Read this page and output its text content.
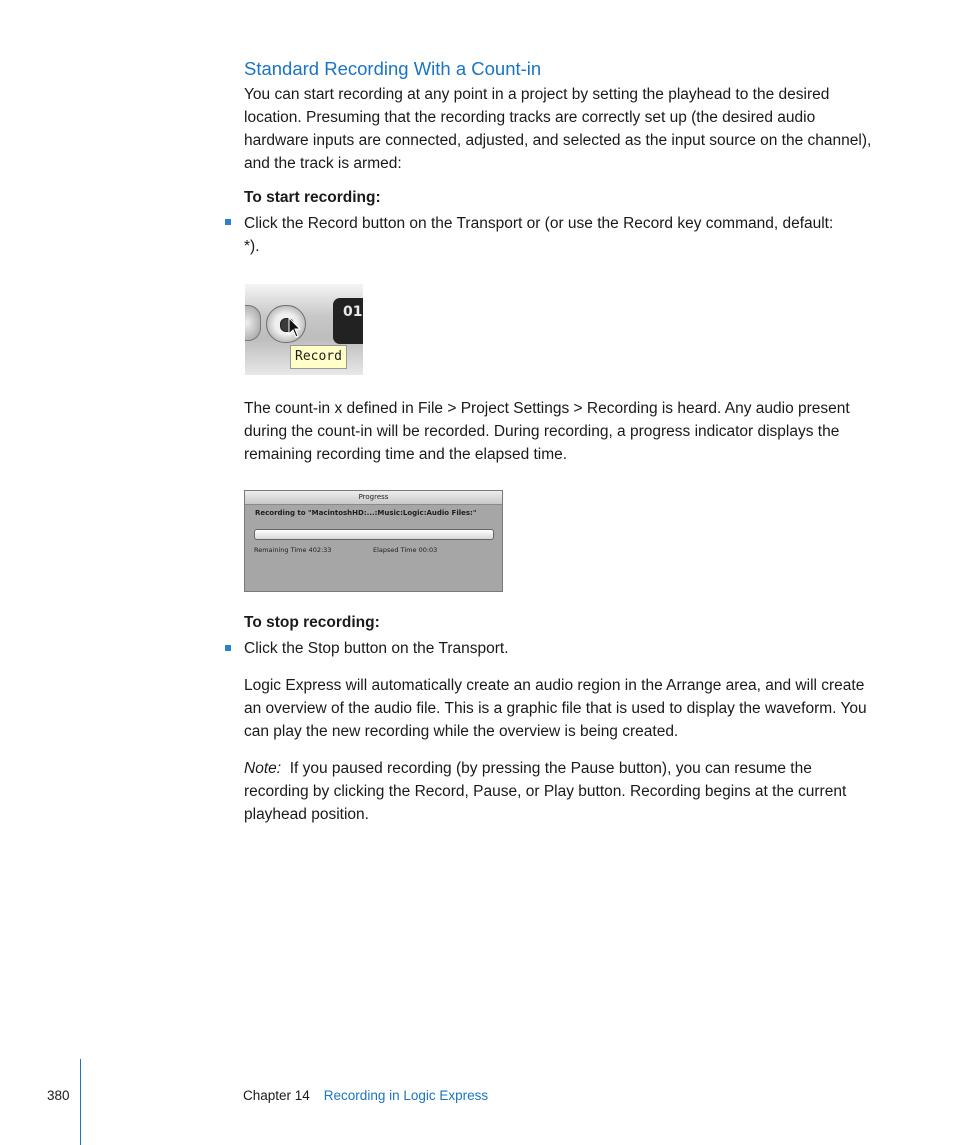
Standard Recording With a Count-in
You can start recording at any point in a project by setting the playhead to the desired location. Presuming that the recording tracks are correctly set up (the desired audio hardware inputs are connected, adjusted, and selected as the input source on the channel), and the track is armed:
To start recording:
Click the Record button on the Transport or (or use the Record key command, default: *).
01
Record
The count-in x defined in File > Project Settings > Recording is heard. Any audio present during the count-in will be recorded. During recording, a progress indicator displays the remaining recording time and the elapsed time.
Progress
Recording to "MacintoshHD:...:Music:Logic:Audio Files:"
Remaining Time 402:33	Elapsed Time 00:03
To stop recording:
Click the Stop button on the Transport.
Logic Express will automatically create an audio region in the Arrange area, and will create an overview of the audio file. This is a graphic file that is used to display the waveform. You can play the new recording while the overview is being created.
Note: If you paused recording (by pressing the Pause button), you can resume the recording by clicking the Record, Pause, or Play button. Recording begins at the current playhead position.
380	Chapter 14 Recording in Logic Express
